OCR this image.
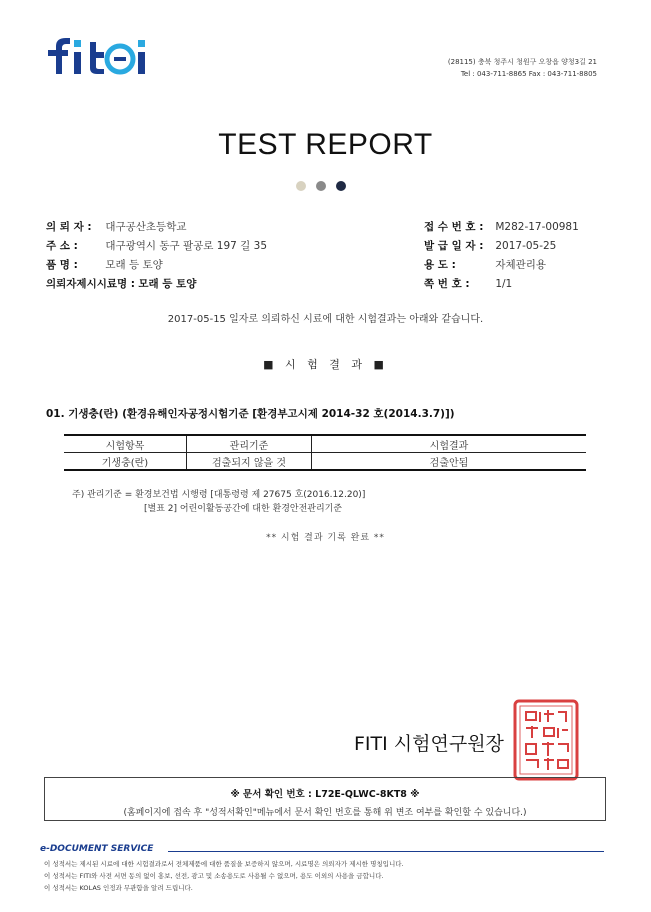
(28115) 충북 청주시 청원구 오창읍 양청3길 21
Tel : 043-711-8865 Fax : 043-711-8805
TEST REPORT
의 뢰 자 : 대구공산초등학교
주 소 :	대구광역시 동구 팔공로 197 길 35
품 명 :	모래 등 토양
의뢰자제시시료명 : 모래 등 토양
접 수 번 호 : M282-17-00981
발 급 일 자 : 2017-05-25
용 도 :	자체관리용
쪽 번 호 : 1/1
2017-05-15 일자로 의뢰하신 시료에 대한 시험결과는 아래와 같습니다.
■ 시 험 결 과 ■
01. 기생충(란) (환경유해인자공정시험기준 [환경부고시제 2014-32 호(2014.3.7)])
시험항목	관리기준	시험결과
기생충(란)	검출되지 않을 것	검출안됨
주) 관리기준 = 환경보건법 시행령 [대통령령 제 27675 호(2016.12.20)]
[별표 2] 어린이활동공간에 대한 환경안전관리기준
** 시험 결과 기록 완료 **
FITI 시험연구원장
※ 문서 확인 번호 : L72E-QLWC-8KT8 ※
(홈페이지에 접속 후 "성적서확인"메뉴에서 문서 확인 번호를 통해 위 변조 여부를 확인할 수 있습니다.)
e-DOCUMENT SERVICE
이 성적서는 제시된 시료에 대한 시험결과로서 전체제품에 대한 품질을 보증하지 않으며, 시료명은 의뢰자가 제시한 명칭입니다.
이 성적서는 FITI와 사전 서면 동의 없이 홍보, 선전, 광고 및 소송용도로 사용될 수 없으며, 용도 이외의 사용을 금합니다.
이 성적서는 KOLAS 인정과 무관함을 알려 드립니다.
